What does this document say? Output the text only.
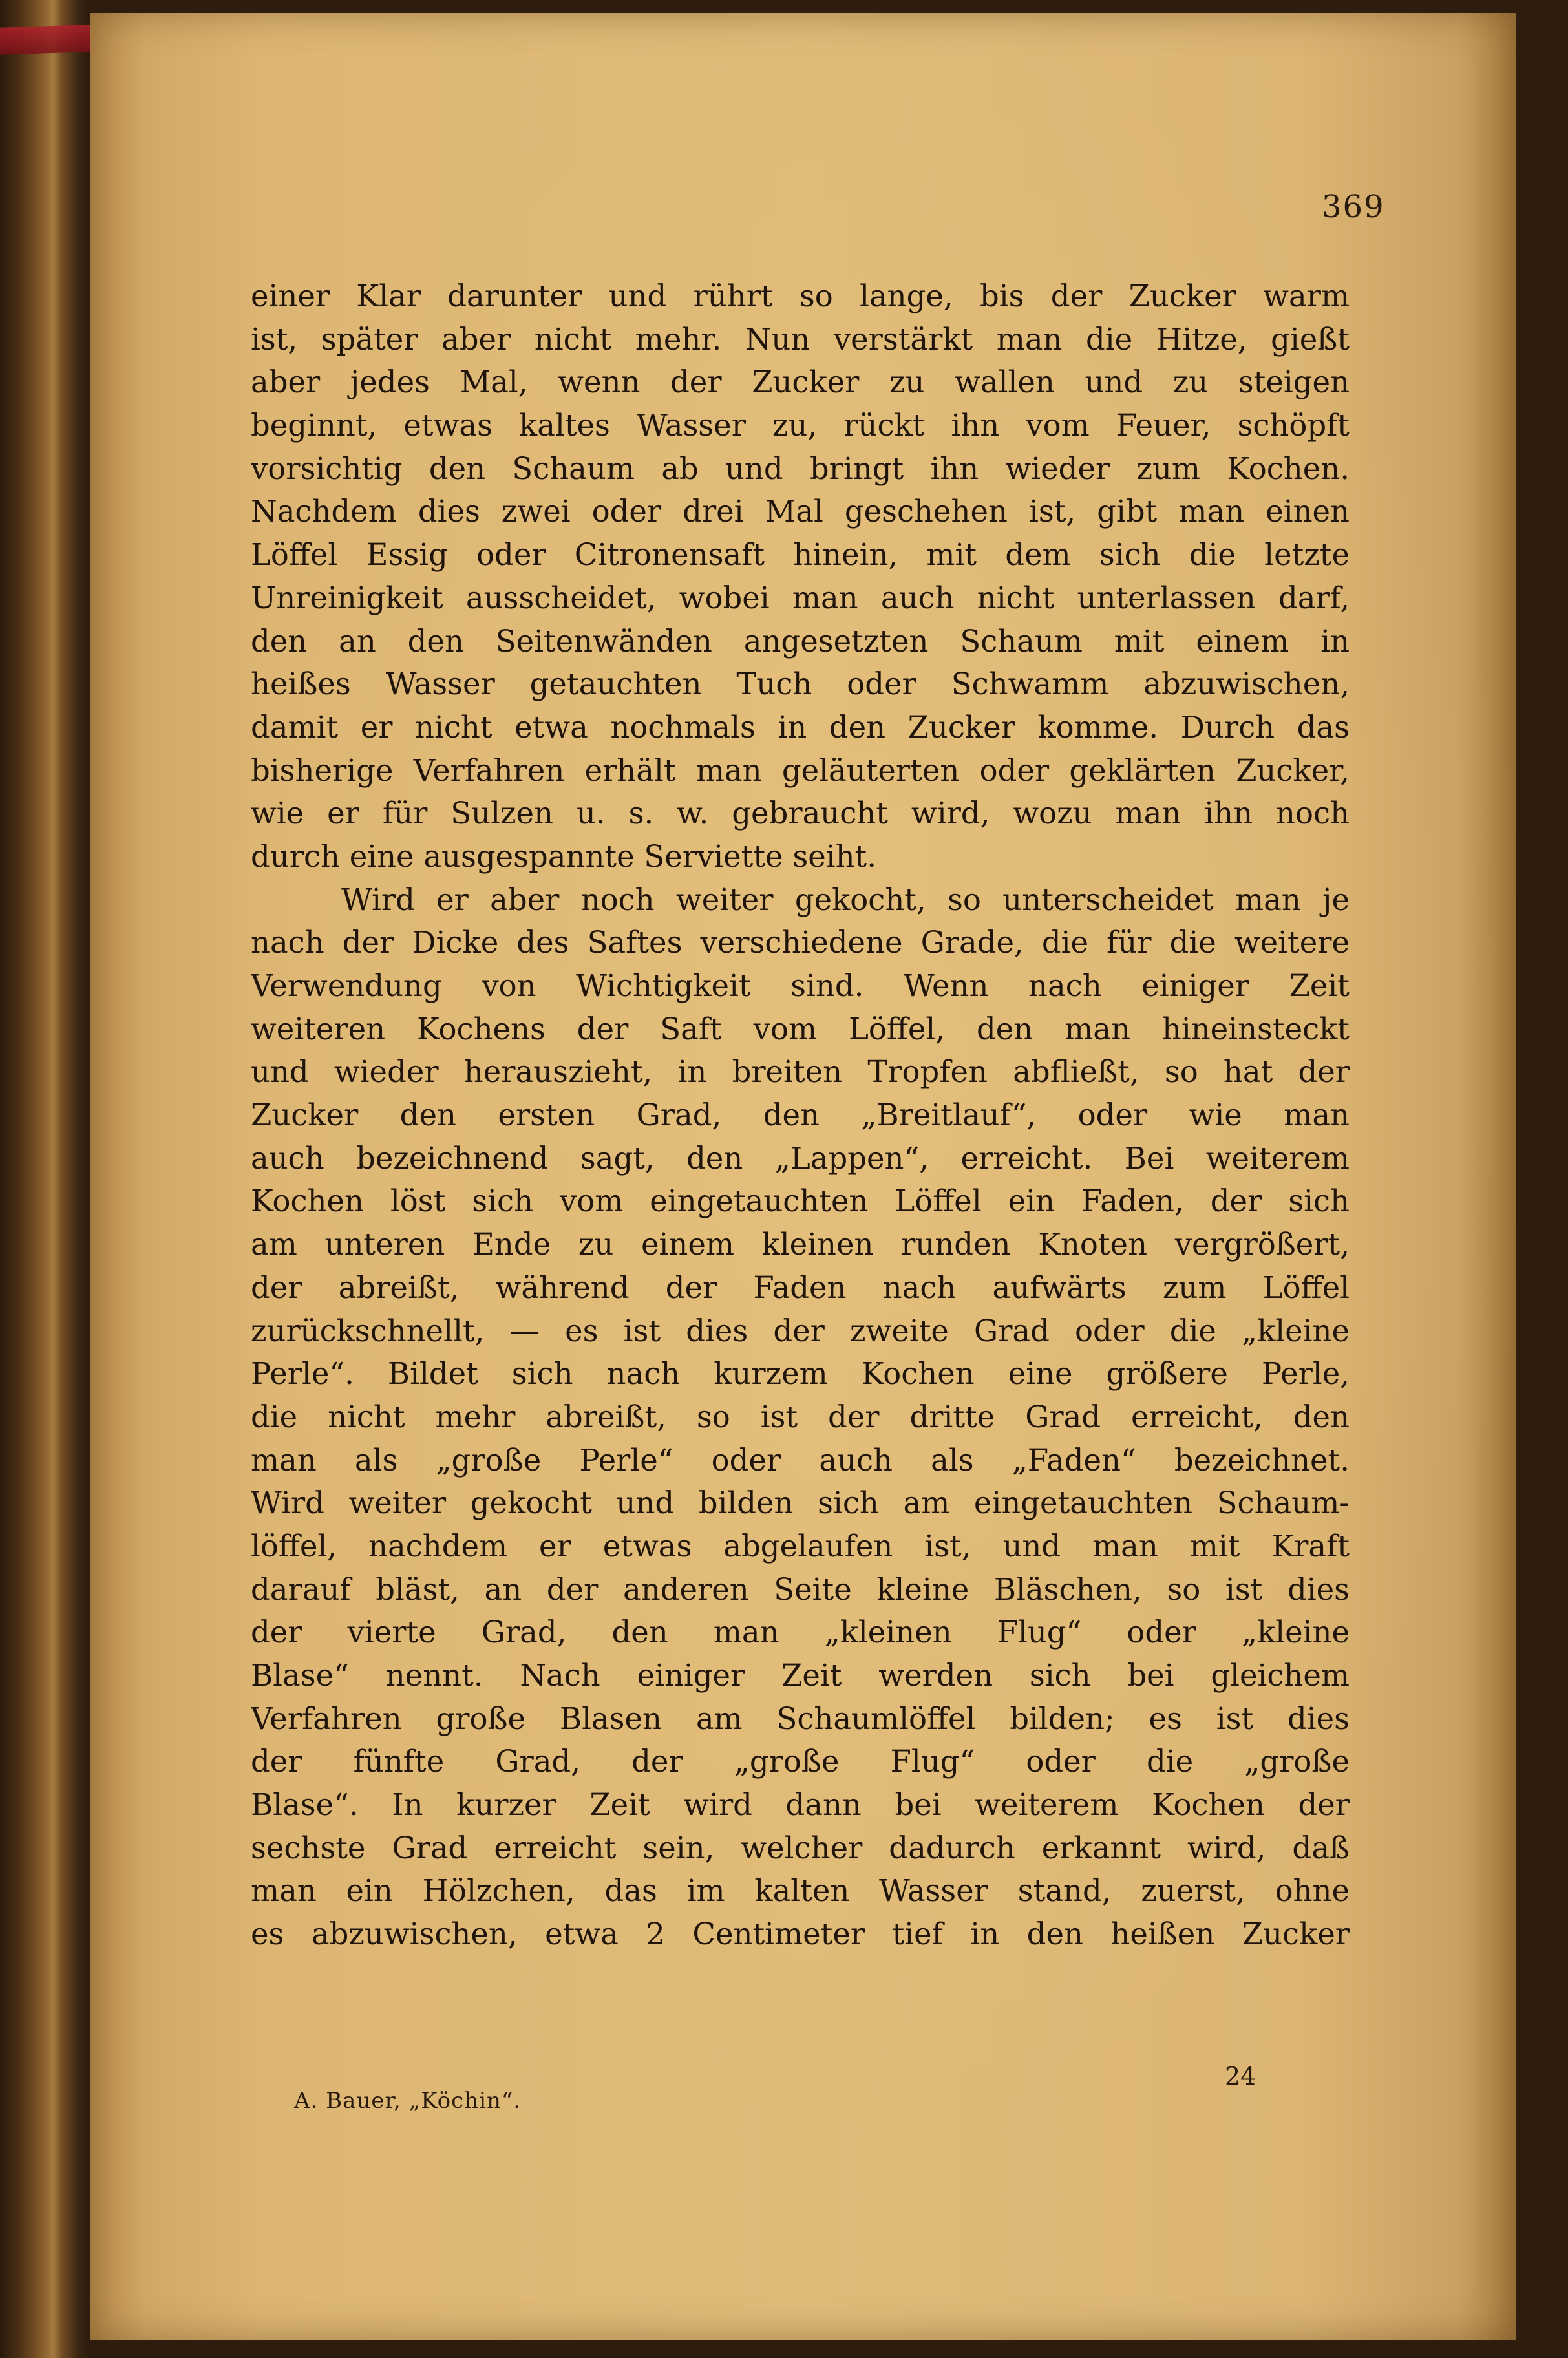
369
einer Klar darunter und rührt so lange, bis der Zucker warm
ist, später aber nicht mehr. Nun verstärkt man die Hitze, gießt
aber jedes Mal, wenn der Zucker zu wallen und zu steigen
beginnt, etwas kaltes Wasser zu, rückt ihn vom Feuer, schöpft
vorsichtig den Schaum ab und bringt ihn wieder zum Kochen.
Nachdem dies zwei oder drei Mal geschehen ist, gibt man einen
Löffel Essig oder Citronensaft hinein, mit dem sich die letzte
Unreinigkeit ausscheidet, wobei man auch nicht unterlassen darf,
den an den Seitenwänden angesetzten Schaum mit einem in
heißes Wasser getauchten Tuch oder Schwamm abzuwischen,
damit er nicht etwa nochmals in den Zucker komme. Durch das
bisherige Verfahren erhält man geläuterten oder geklärten Zucker,
wie er für Sulzen u. s. w. gebraucht wird, wozu man ihn noch
durch eine ausgespannte Serviette seiht.
Wird er aber noch weiter gekocht, so unterscheidet man je
nach der Dicke des Saftes verschiedene Grade, die für die weitere
Verwendung von Wichtigkeit sind. Wenn nach einiger Zeit
weiteren Kochens der Saft vom Löffel, den man hineinsteckt
und wieder herauszieht, in breiten Tropfen abfließt, so hat der
Zucker den ersten Grad, den „Breitlauf“, oder wie man
auch bezeichnend sagt, den „Lappen“, erreicht. Bei weiterem
Kochen löst sich vom eingetauchten Löffel ein Faden, der sich
am unteren Ende zu einem kleinen runden Knoten vergrößert,
der abreißt, während der Faden nach aufwärts zum Löffel
zurückschnellt, — es ist dies der zweite Grad oder die „kleine
Perle“. Bildet sich nach kurzem Kochen eine größere Perle,
die nicht mehr abreißt, so ist der dritte Grad erreicht, den
man als „große Perle“ oder auch als „Faden“ bezeichnet.
Wird weiter gekocht und bilden sich am eingetauchten Schaum-
löffel, nachdem er etwas abgelaufen ist, und man mit Kraft
darauf bläst, an der anderen Seite kleine Bläschen, so ist dies
der vierte Grad, den man „kleinen Flug“ oder „kleine
Blase“ nennt. Nach einiger Zeit werden sich bei gleichem
Verfahren große Blasen am Schaumlöffel bilden; es ist dies
der fünfte Grad, der „große Flug“ oder die „große
Blase“. In kurzer Zeit wird dann bei weiterem Kochen der
sechste Grad erreicht sein, welcher dadurch erkannt wird, daß
man ein Hölzchen, das im kalten Wasser stand, zuerst, ohne
es abzuwischen, etwa 2 Centimeter tief in den heißen Zucker
24
A. Bauer, „Köchin“.
